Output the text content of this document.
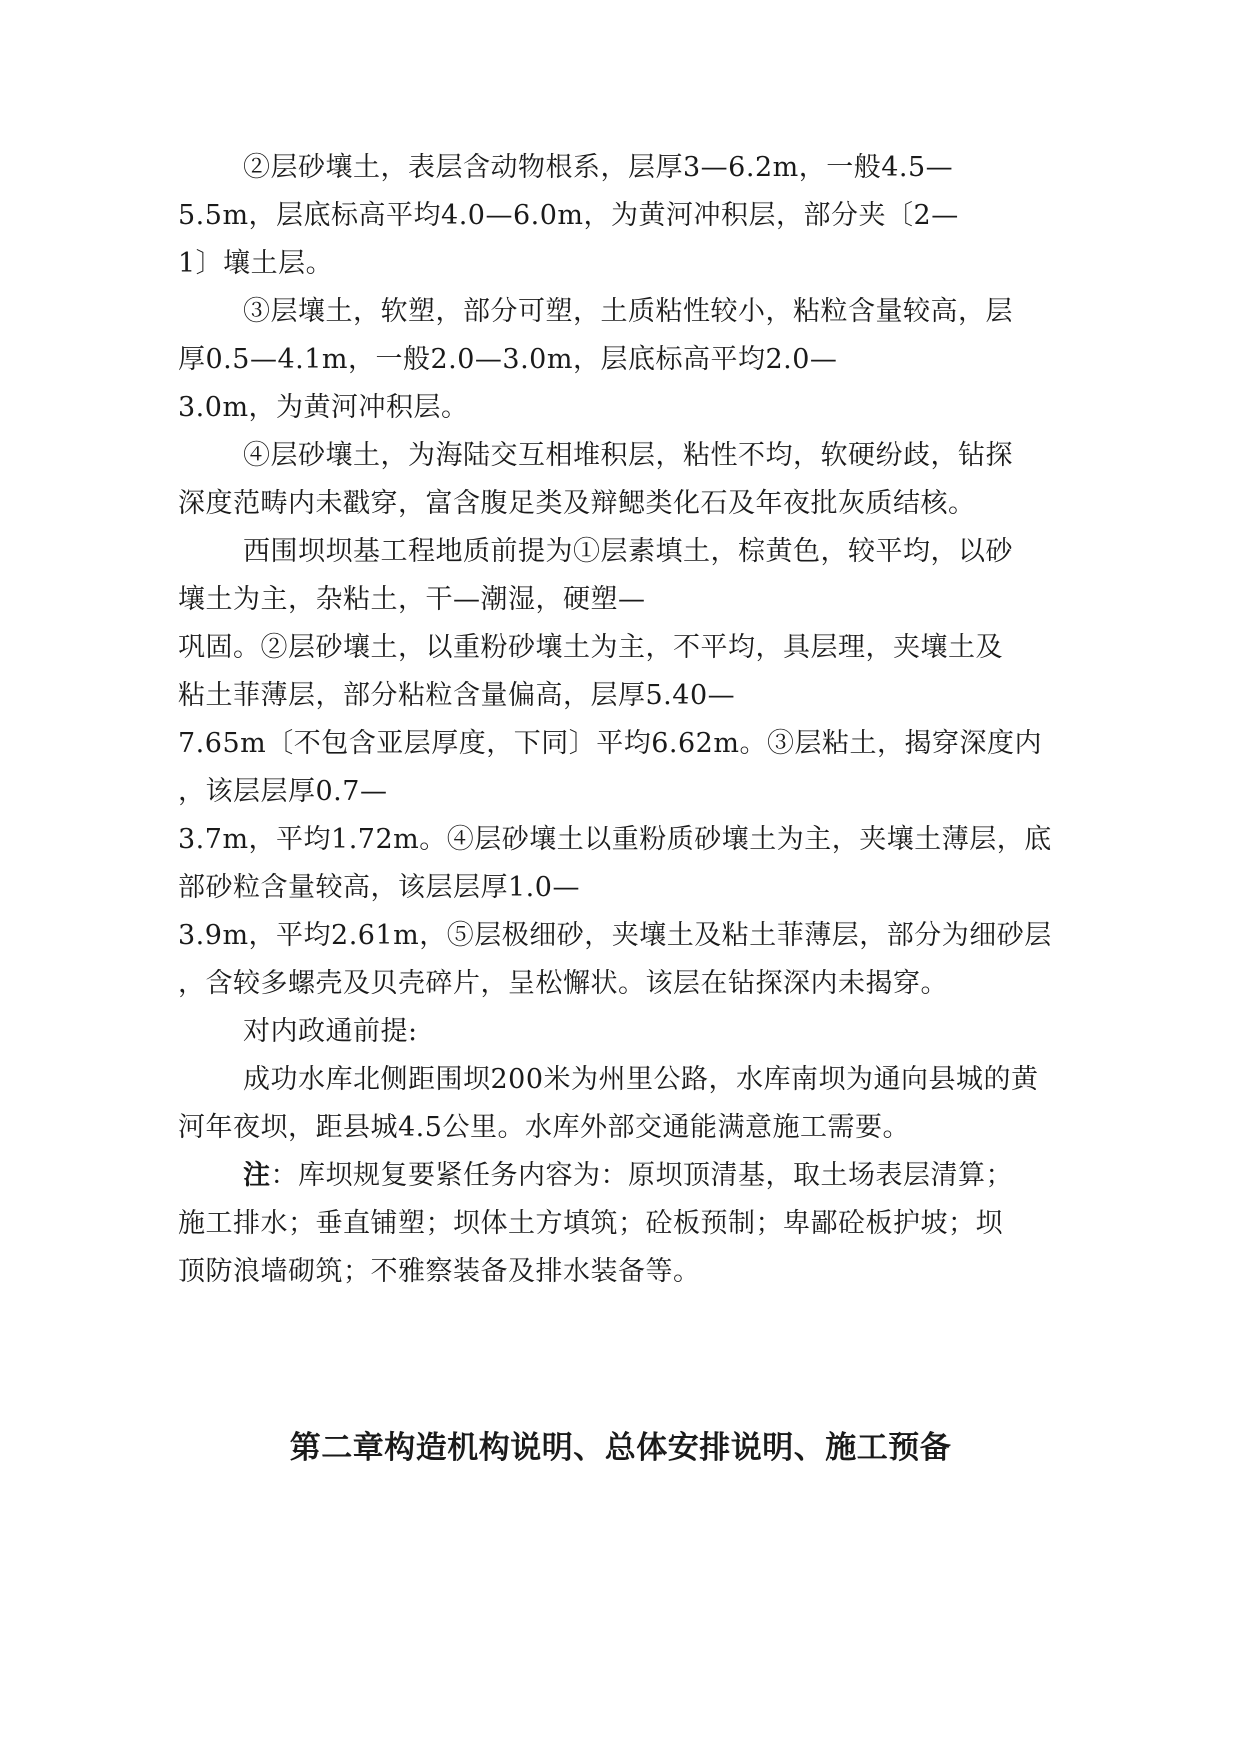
②层砂壤土，表层含动物根系，层厚3—6.2m，一般4.5—
5.5m，层底标高平均4.0—6.0m，为黄河冲积层，部分夹〔2—
1〕壤土层。
③层壤土，软塑，部分可塑，土质粘性较小，粘粒含量较高，层
厚0.5—4.1m，一般2.0—3.0m，层底标高平均2.0—
3.0m，为黄河冲积层。
④层砂壤土，为海陆交互相堆积层，粘性不均，软硬纷歧，钻探
深度范畴内未戳穿，富含腹足类及辩鳃类化石及年夜批灰质结核。
西围坝坝基工程地质前提为①层素填土，棕黄色，较平均，以砂
壤土为主，杂粘土，干—潮湿，硬塑—
巩固。②层砂壤土，以重粉砂壤土为主，不平均，具层理，夹壤土及
粘土菲薄层，部分粘粒含量偏高，层厚5.40—
7.65m〔不包含亚层厚度，下同〕平均6.62m。③层粘土，揭穿深度内
，该层层厚0.7—
3.7m，平均1.72m。④层砂壤土以重粉质砂壤土为主，夹壤土薄层，底
部砂粒含量较高，该层层厚1.0—
3.9m，平均2.61m，⑤层极细砂，夹壤土及粘土菲薄层，部分为细砂层
，含较多螺壳及贝壳碎片，呈松懈状。该层在钻探深内未揭穿。
对内政通前提:
成功水库北侧距围坝200米为州里公路，水库南坝为通向县城的黄
河年夜坝，距县城4.5公里。水库外部交通能满意施工需要。
注：库坝规复要紧任务内容为：原坝顶清基，取土场表层清算；
施工排水；垂直铺塑；坝体土方填筑；砼板预制；卑鄙砼板护坡；坝
顶防浪墙砌筑；不雅察装备及排水装备等。
第二章构造机构说明、总体安排说明、施工预备
